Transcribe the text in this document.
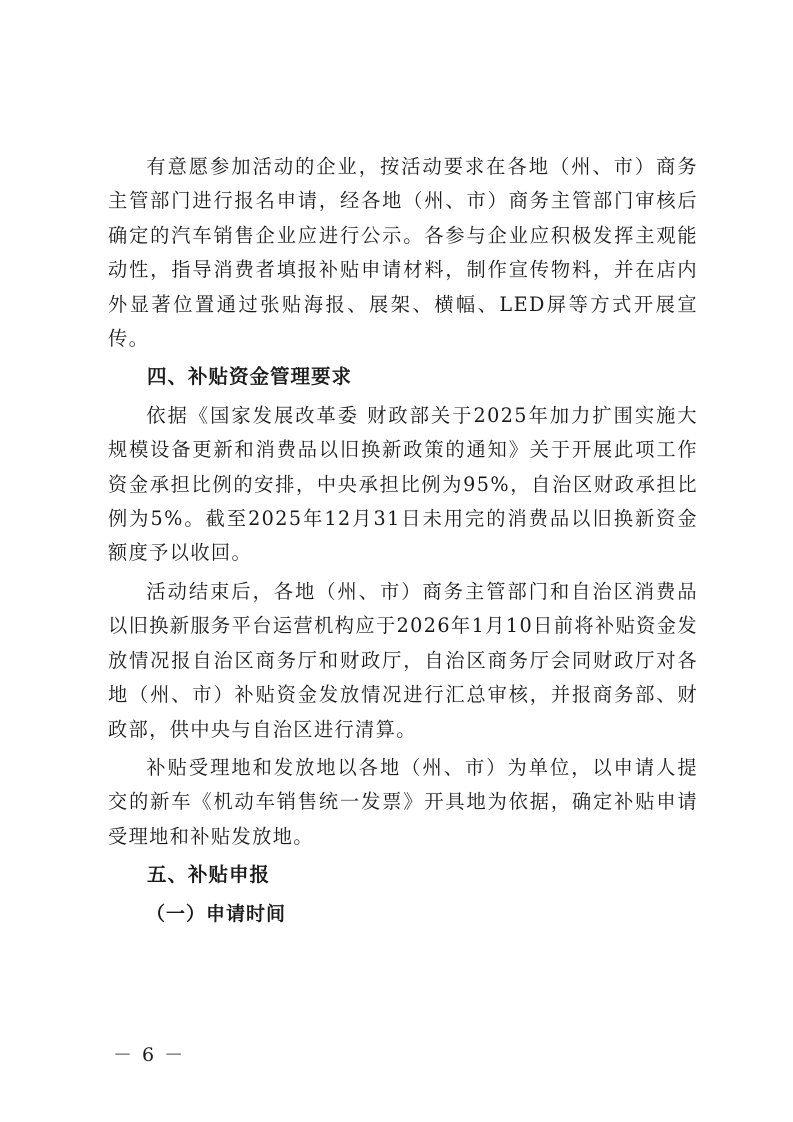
有意愿参加活动的企业，按活动要求在各地（州、市）商务主管部门进行报名申请，经各地（州、市）商务主管部门审核后确定的汽车销售企业应进行公示。各参与企业应积极发挥主观能动性，指导消费者填报补贴申请材料，制作宣传物料，并在店内外显著位置通过张贴海报、展架、横幅、LED屏等方式开展宣传。

四、补贴资金管理要求

依据《国家发展改革委 财政部关于2025年加力扩围实施大规模设备更新和消费品以旧换新政策的通知》关于开展此项工作资金承担比例的安排，中央承担比例为95%，自治区财政承担比例为5%。截至2025年12月31日未用完的消费品以旧换新资金额度予以收回。

活动结束后，各地（州、市）商务主管部门和自治区消费品以旧换新服务平台运营机构应于2026年1月10日前将补贴资金发放情况报自治区商务厅和财政厅，自治区商务厅会同财政厅对各地（州、市）补贴资金发放情况进行汇总审核，并报商务部、财政部，供中央与自治区进行清算。

补贴受理地和发放地以各地（州、市）为单位，以申请人提交的新车《机动车销售统一发票》开具地为依据，确定补贴申请受理地和补贴发放地。

五、补贴申报

（一）申请时间

－ 6 －
